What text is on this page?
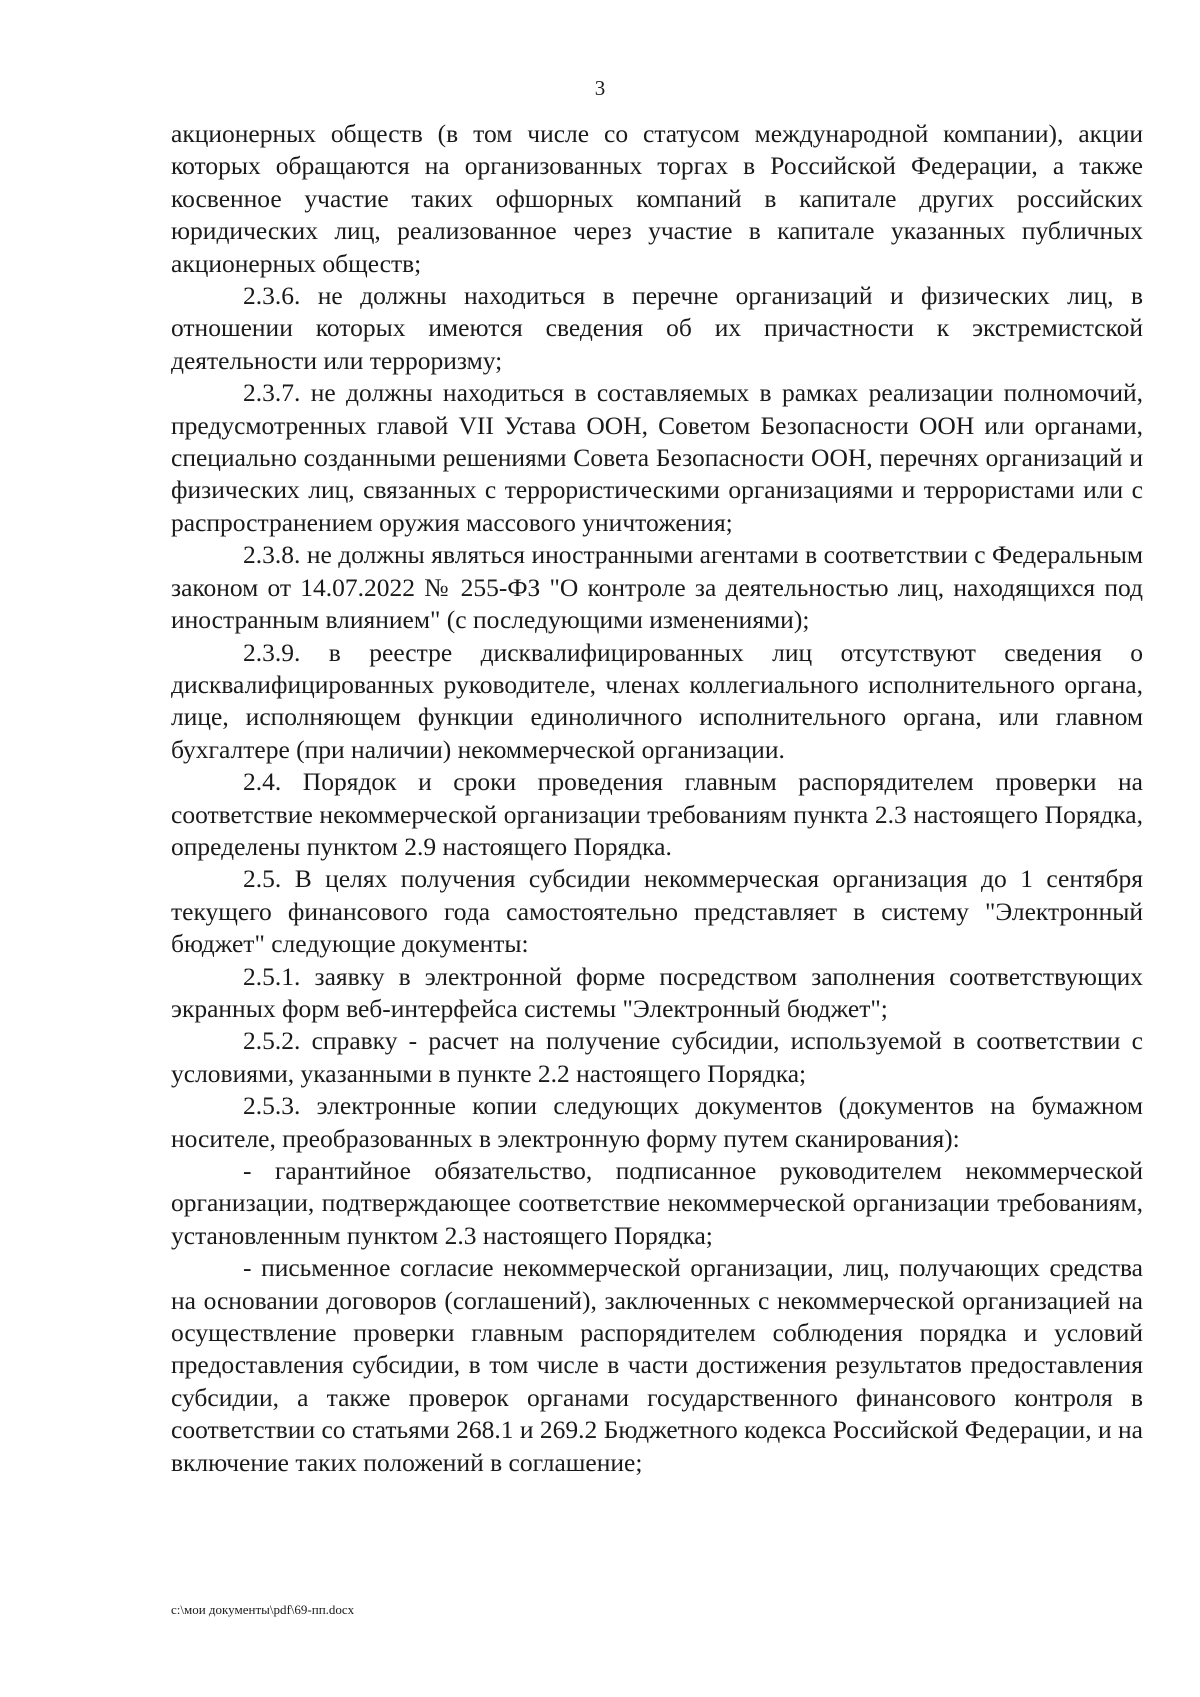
3

акционерных обществ (в том числе со статусом международной компании), акции которых обращаются на организованных торгах в Российской Федерации, а также косвенное участие таких офшорных компаний в капитале других российских юридических лиц, реализованное через участие в капитале указанных публичных акционерных обществ;

2.3.6. не должны находиться в перечне организаций и физических лиц, в отношении которых имеются сведения об их причастности к экстремистской деятельности или терроризму;

2.3.7. не должны находиться в составляемых в рамках реализации полномочий, предусмотренных главой VII Устава ООН, Советом Безопасности ООН или органами, специально созданными решениями Совета Безопасности ООН, перечнях организаций и физических лиц, связанных с террористическими организациями и террористами или с распространением оружия массового уничтожения;

2.3.8. не должны являться иностранными агентами в соответствии с Федеральным законом от 14.07.2022 № 255-ФЗ "О контроле за деятельностью лиц, находящихся под иностранным влиянием" (с последующими изменениями);

2.3.9. в реестре дисквалифицированных лиц отсутствуют сведения о дисквалифицированных руководителе, членах коллегиального исполнительного органа, лице, исполняющем функции единоличного исполнительного органа, или главном бухгалтере (при наличии) некоммерческой организации.

2.4. Порядок и сроки проведения главным распорядителем проверки на соответствие некоммерческой организации требованиям пункта 2.3 настоящего Порядка, определены пунктом 2.9 настоящего Порядка.

2.5. В целях получения субсидии некоммерческая организация до 1 сентября текущего финансового года самостоятельно представляет в систему "Электронный бюджет" следующие документы:

2.5.1. заявку в электронной форме посредством заполнения соответствующих экранных форм веб-интерфейса системы "Электронный бюджет";

2.5.2. справку - расчет на получение субсидии, используемой в соответствии с условиями, указанными в пункте 2.2 настоящего Порядка;

2.5.3. электронные копии следующих документов (документов на бумажном носителе, преобразованных в электронную форму путем сканирования):

- гарантийное обязательство, подписанное руководителем некоммерческой организации, подтверждающее соответствие некоммерческой организации требованиям, установленным пунктом 2.3 настоящего Порядка;

- письменное согласие некоммерческой организации, лиц, получающих средства на основании договоров (соглашений), заключенных с некоммерческой организацией на осуществление проверки главным распорядителем соблюдения порядка и условий предоставления субсидии, в том числе в части достижения результатов предоставления субсидии, а также проверок органами государственного финансового контроля в соответствии со статьями 268.1 и 269.2 Бюджетного кодекса Российской Федерации, и на включение таких положений в соглашение;

c:\мои документы\pdf\69-пп.docx
